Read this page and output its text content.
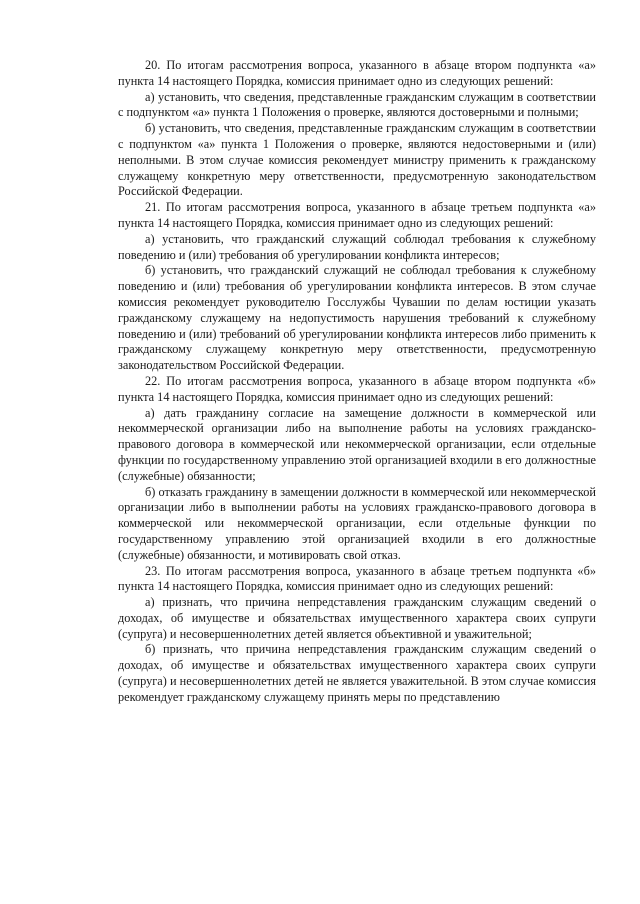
20. По итогам рассмотрения вопроса, указанного в абзаце втором подпункта «а» пункта 14 настоящего Порядка, комиссия принимает одно из следующих решений:

а) установить, что сведения, представленные гражданским служащим в соответствии с подпунктом «а» пункта 1 Положения о проверке, являются достоверными и полными;

б) установить, что сведения, представленные гражданским служащим в соответствии с подпунктом «а» пункта 1 Положения о проверке, являются недостоверными и (или) неполными. В этом случае комиссия рекомендует министру применить к гражданскому служащему конкретную меру ответственности, предусмотренную законодательством Российской Федерации.

21. По итогам рассмотрения вопроса, указанного в абзаце третьем подпункта «а» пункта 14 настоящего Порядка, комиссия принимает одно из следующих решений:

а) установить, что гражданский служащий соблюдал требования к служебному поведению и (или) требования об урегулировании конфликта интересов;

б) установить, что гражданский служащий не соблюдал требования к служебному поведению и (или) требования об урегулировании конфликта интересов. В этом случае комиссия рекомендует руководителю Госслужбы Чувашии по делам юстиции указать гражданскому служащему на недопустимость нарушения требований к служебному поведению и (или) требований об урегулировании конфликта интересов либо применить к гражданскому служащему конкретную меру ответственности, предусмотренную законодательством Российской Федерации.

22. По итогам рассмотрения вопроса, указанного в абзаце втором подпункта «б» пункта 14 настоящего Порядка, комиссия принимает одно из следующих решений:

а) дать гражданину согласие на замещение должности в коммерческой или некоммерческой организации либо на выполнение работы на условиях гражданско-правового договора в коммерческой или некоммерческой организации, если отдельные функции по государственному управлению этой организацией входили в его должностные (служебные) обязанности;

б) отказать гражданину в замещении должности в коммерческой или некоммерческой организации либо в выполнении работы на условиях гражданско-правового договора в коммерческой или некоммерческой организации, если отдельные функции по государственному управлению этой организацией входили в его должностные (служебные) обязанности, и мотивировать свой отказ.

23. По итогам рассмотрения вопроса, указанного в абзаце третьем подпункта «б» пункта 14 настоящего Порядка, комиссия принимает одно из следующих решений:

а) признать, что причина непредставления гражданским служащим сведений о доходах, об имуществе и обязательствах имущественного характера своих супруги (супруга) и несовершеннолетних детей является объективной и уважительной;

б) признать, что причина непредставления гражданским служащим сведений о доходах, об имуществе и обязательствах имущественного характера своих супруги (супруга) и несовершеннолетних детей не является уважительной. В этом случае комиссия рекомендует гражданскому служащему принять меры по представлению
